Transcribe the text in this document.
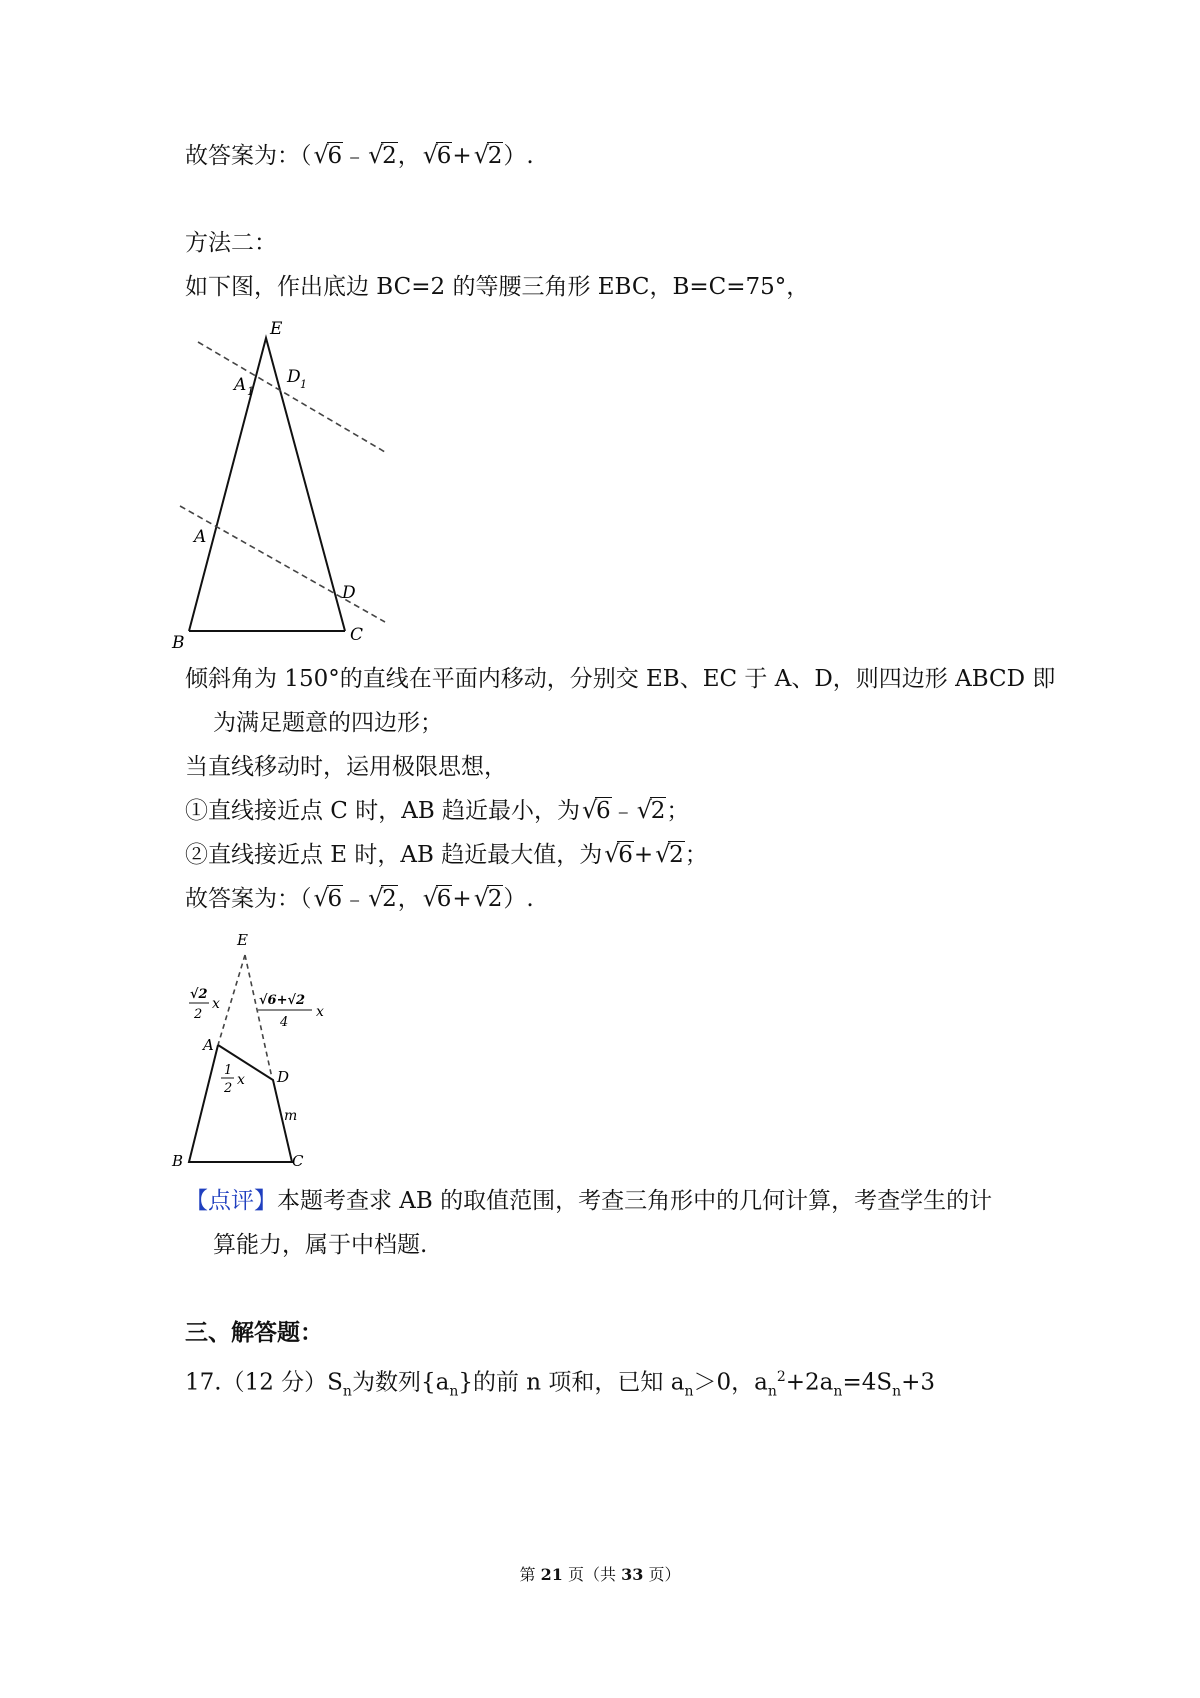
故答案为：（ √ 6﹣ √ 2， √ 6+ √ 2）.
方法二：
如下图，作出底边 BC=2 的等腰三角形 EBC，B=C=75°，
E
A 1
D 1
A
D
B	C
倾斜角为 150°的直线在平面内移动，分别交 EB、EC 于 A、D，则四边形 ABCD 即
为满足题意的四边形；
当直线移动时，运用极限思想，
①直线接近点 C 时，AB 趋近最小，为 √ 6﹣ √ 2；
②直线接近点 E 时，AB 趋近最大值，为 √ 6+ √ 2；
故答案为：（ √ 6﹣ √ 2， √ 6+ √ 2）.
E
A
D
B	C
m
√2
2
x	√6+√2
4
x
1
2
x
【点评】本题考查求 AB 的取值范围，考查三角形中的几何计算，考查学生的计
算能力，属于中档题.
三、解答题：
17.（12 分）$S_n$为数列$\{a_n\}$的前 n 项和，已知 $a_n>0$，$a_n^2+2a_n=4S_n+3$
第 21 页（共 33 页）
